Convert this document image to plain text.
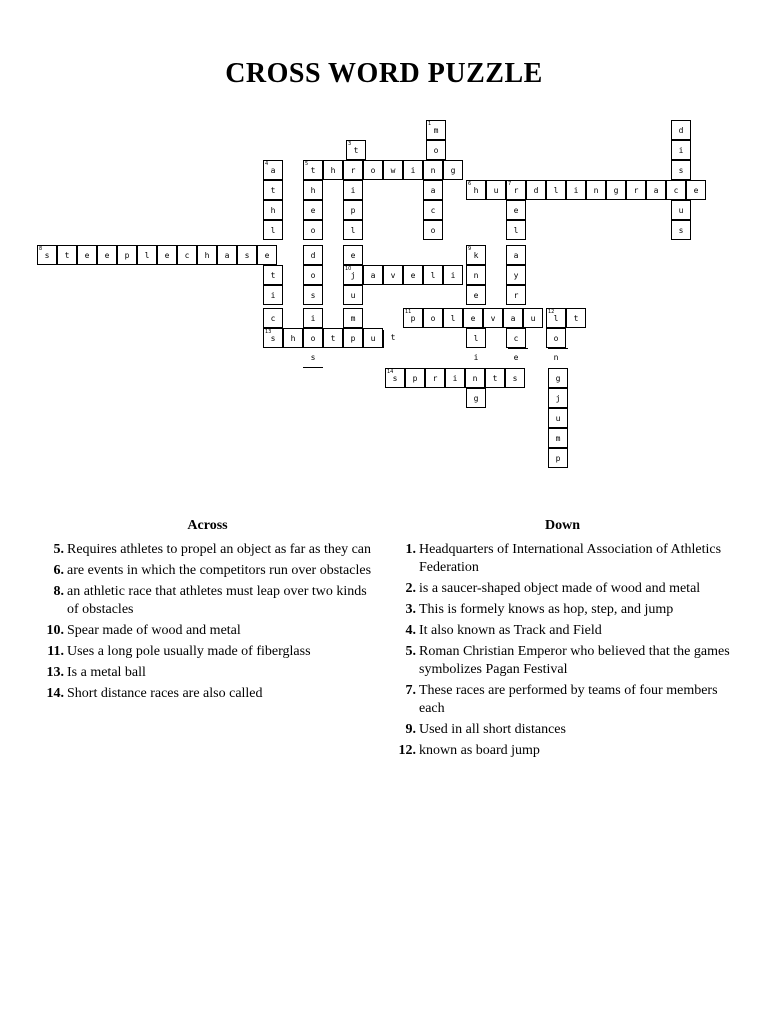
CROSS WORD PUZZLE
1
m
o
d
i
s
u
s
3
t
4
a
5
t	h	r	o	w	i	n	g
t	h	i	a
6
h	u
7
r	d	l	i	n	g	r	a	c	e
h	e	p	c	e
l	o	l	o	l
8
s	t	e	e	p	l	e	c	h	a	s	e	d	e
9
k	a
t	o
10
j	a	v	e	l	i	n	y
i	s	u	e	r
c	i	m
11
p	o	l	e	v	a	u
12
l	t
13
s	h	o	t	p	u	l	c	o
14
s	p	r	i	n	t	s
g
g
j
u
m
p
t
s	i	e	n
Across
5. Requires athletes to propel an object as far as they can
6. are events in which the competitors run over obstacles
8. an athletic race that athletes must leap over two kinds of obstacles
10. Spear made of wood and metal
11. Uses a long pole usually made of fiberglass
13. Is a metal ball
14. Short distance races are also called
Down
1. Headquarters of International Association of Athletics Federation
2. is a saucer-shaped object made of wood and metal
3. This is formely knows as hop, step, and jump
4. It also known as Track and Field
5. Roman Christian Emperor who believed that the games symbolizes Pagan Festival
7. These races are performed by teams of four members each
9. Used in all short distances
12. known as board jump
